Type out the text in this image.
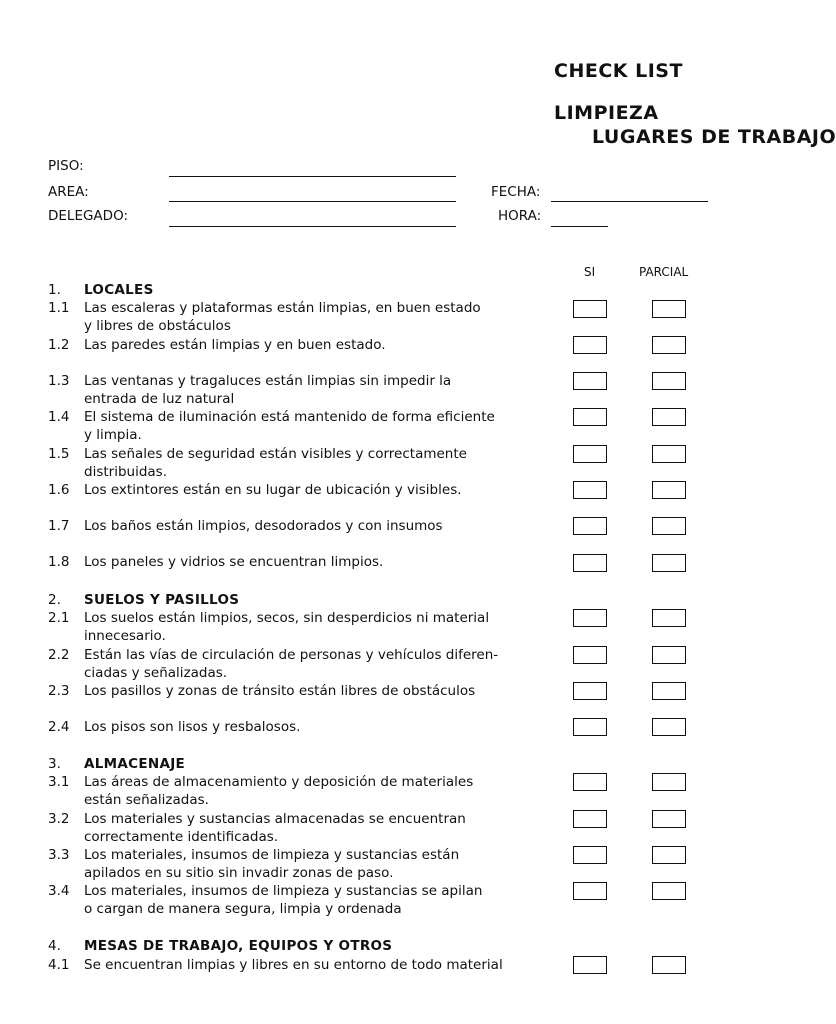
CHECK LIST
LIMPIEZA
LUGARES DE TRABAJO
PISO:
AREA:
DELEGADO:
FECHA:
HORA:
SI	PARCIAL
1. LOCALES
1.1 Las escaleras y plataformas están limpias, en buen estado
y libres de obstáculos
1.2 Las paredes están limpias y en buen estado.
1.3 Las ventanas y tragaluces están limpias sin impedir la
entrada de luz natural
1.4 El sistema de iluminación está mantenido de forma eficiente
y limpia.
1.5 Las señales de seguridad están visibles y correctamente
distribuidas.
1.6 Los extintores están en su lugar de ubicación y visibles.
1.7 Los baños están limpios, desodorados y con insumos
1.8 Los paneles y vidrios se encuentran limpios.
2. SUELOS Y PASILLOS
2.1 Los suelos están limpios, secos, sin desperdicios ni material
innecesario.
2.2 Están las vías de circulación de personas y vehículos diferen-
ciadas y señalizadas.
2.3 Los pasillos y zonas de tránsito están libres de obstáculos
2.4 Los pisos son lisos y resbalosos.
3. ALMACENAJE
3.1 Las áreas de almacenamiento y deposición de materiales
están señalizadas.
3.2 Los materiales y sustancias almacenadas se encuentran
correctamente identificadas.
3.3 Los materiales, insumos de limpieza y sustancias están
apilados en su sitio sin invadir zonas de paso.
3.4 Los materiales, insumos de limpieza y sustancias se apilan
o cargan de manera segura, limpia y ordenada
4. MESAS DE TRABAJO, EQUIPOS Y OTROS
4.1 Se encuentran limpias y libres en su entorno de todo material
